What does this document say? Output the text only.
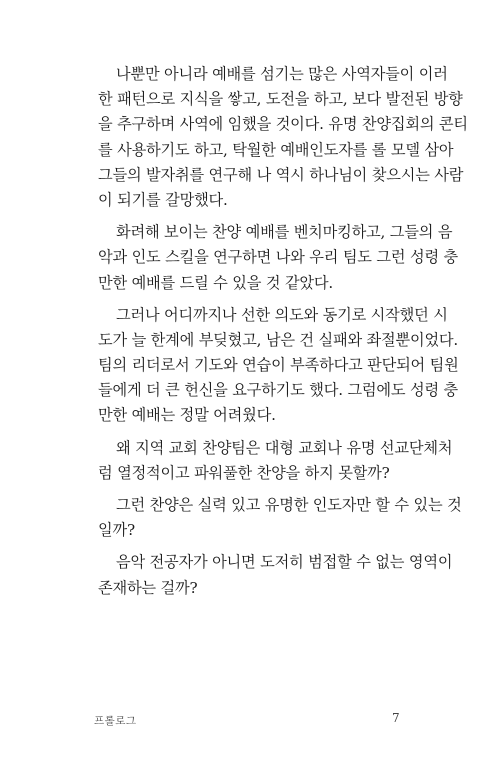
나뿐만 아니라 예배를 섬기는 많은 사역자들이 이러
한 패턴으로 지식을 쌓고, 도전을 하고, 보다 발전된 방향
을 추구하며 사역에 임했을 것이다. 유명 찬양집회의 콘티
를 사용하기도 하고, 탁월한 예배인도자를 롤 모델 삼아
그들의 발자취를 연구해 나 역시 하나님이 찾으시는 사람
이 되기를 갈망했다.
화려해 보이는 찬양 예배를 벤치마킹하고, 그들의 음
악과 인도 스킬을 연구하면 나와 우리 팀도 그런 성령 충
만한 예배를 드릴 수 있을 것 같았다.
그러나 어디까지나 선한 의도와 동기로 시작했던 시
도가 늘 한계에 부딪혔고, 남은 건 실패와 좌절뿐이었다.
팀의 리더로서 기도와 연습이 부족하다고 판단되어 팀원
들에게 더 큰 헌신을 요구하기도 했다. 그럼에도 성령 충
만한 예배는 정말 어려웠다.
왜 지역 교회 찬양팀은 대형 교회나 유명 선교단체처
럼 열정적이고 파워풀한 찬양을 하지 못할까?
그런 찬양은 실력 있고 유명한 인도자만 할 수 있는 것
일까?
음악 전공자가 아니면 도저히 범접할 수 없는 영역이
존재하는 걸까?
프롤로그	7
